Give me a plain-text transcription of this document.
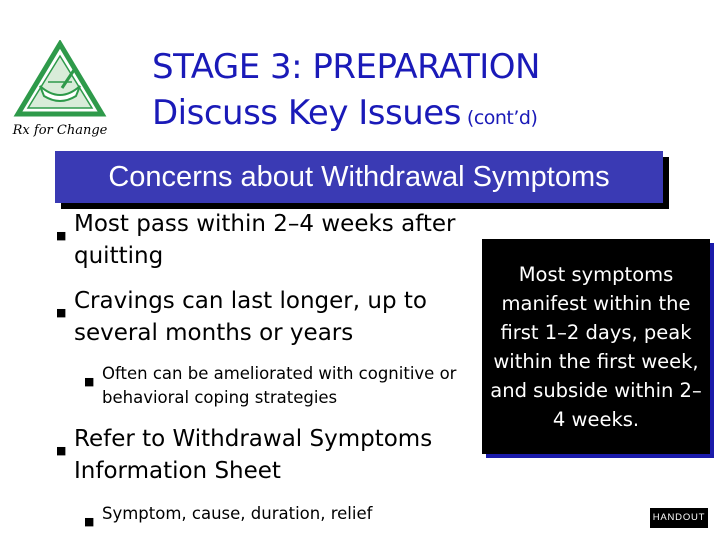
Rx for Change
STAGE 3: PREPARATION
Discuss Key Issues (cont’d)
Concerns about Withdrawal Symptoms
■ Most pass within 2–4 weeks after quitting
■ Cravings can last longer, up to several months or years
■ Often can be ameliorated with cognitive or behavioral coping strategies
■ Refer to Withdrawal Symptoms Information Sheet
■ Symptom, cause, duration, relief
Most symptoms manifest within the first 1–2 days, peak within the first week, and subside within 2–4 weeks.
HANDOUT
